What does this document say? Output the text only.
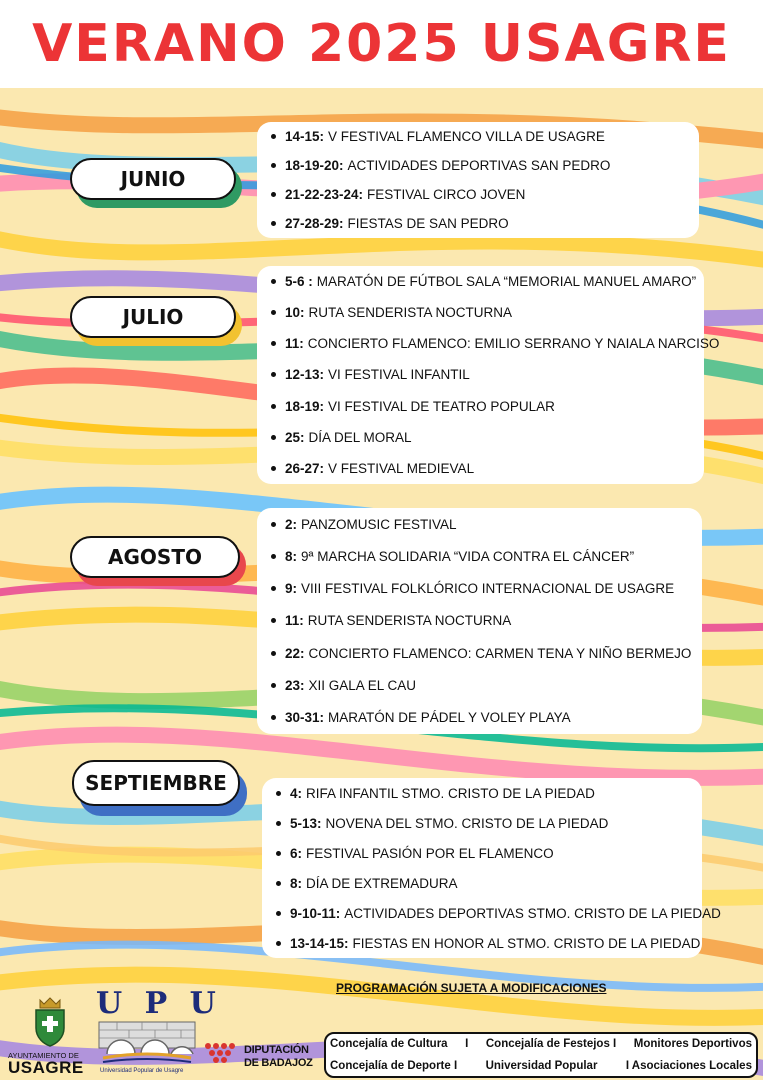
VERANO 2025 USAGRE
JUNIO
14-15: V FESTIVAL FLAMENCO VILLA DE USAGRE
18-19-20: ACTIVIDADES DEPORTIVAS SAN PEDRO
21-22-23-24: FESTIVAL CIRCO JOVEN
27-28-29: FIESTAS DE SAN PEDRO
JULIO
5-6 : MARATÓN DE FÚTBOL SALA “MEMORIAL MANUEL AMARO”
10: RUTA SENDERISTA NOCTURNA
11: CONCIERTO FLAMENCO: EMILIO SERRANO Y NAIALA NARCISO
12-13: VI FESTIVAL INFANTIL
18-19: VI FESTIVAL DE TEATRO POPULAR
25: DÍA DEL MORAL
26-27: V FESTIVAL MEDIEVAL
AGOSTO
2: PANZOMUSIC FESTIVAL
8: 9ª MARCHA SOLIDARIA “VIDA CONTRA EL CÁNCER”
9: VIII FESTIVAL FOLKLÓRICO INTERNACIONAL DE USAGRE
11: RUTA SENDERISTA NOCTURNA
22: CONCIERTO FLAMENCO: CARMEN TENA Y NIÑO BERMEJO
23: XII GALA EL CAU
30-31: MARATÓN DE PÁDEL Y VOLEY PLAYA
SEPTIEMBRE	4: RIFA INFANTIL STMO. CRISTO DE LA PIEDAD
5-13: NOVENA DEL STMO. CRISTO DE LA PIEDAD
6: FESTIVAL PASIÓN POR EL FLAMENCO
8: DÍA DE EXTREMADURA
9-10-11: ACTIVIDADES DEPORTIVAS STMO. CRISTO DE LA PIEDAD
13-14-15: FIESTAS EN HONOR AL STMO. CRISTO DE LA PIEDAD
PROGRAMACIÓN SUJETA A MODIFICACIONES
AYUNTAMIENTO DE
USAGRE
U P U
Universidad Popular de Usagre
DIPUTACIÓN
DE BADAJOZ
Concejalía de Cultura I Concejalía de Festejos I Monitores Deportivos
Concejalía de Deporte I Universidad Popular I Asociaciones Locales
